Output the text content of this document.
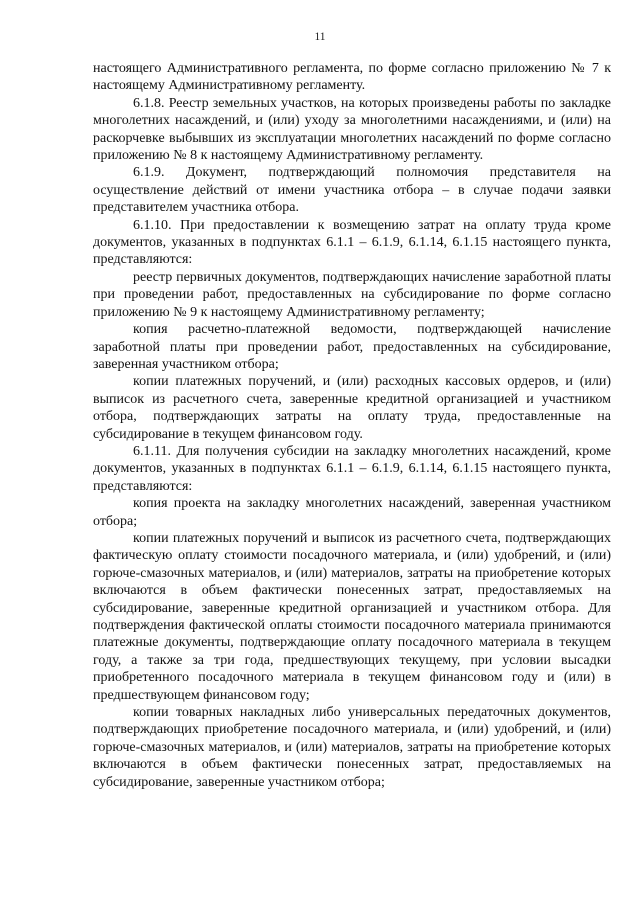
11

настоящего Административного регламента, по форме согласно приложению № 7 к настоящему Административному регламенту.

6.1.8. Реестр земельных участков, на которых произведены работы по закладке многолетних насаждений, и (или) уходу за многолетними насаждениями, и (или) на раскорчевке выбывших из эксплуатации многолетних насаждений по форме согласно приложению № 8 к настоящему Административному регламенту.

6.1.9. Документ, подтверждающий полномочия представителя на осуществление действий от имени участника отбора – в случае подачи заявки представителем участника отбора.

6.1.10. При предоставлении к возмещению затрат на оплату труда кроме документов, указанных в подпунктах 6.1.1 – 6.1.9, 6.1.14, 6.1.15 настоящего пункта, представляются:

реестр первичных документов, подтверждающих начисление заработной платы при проведении работ, предоставленных на субсидирование по форме согласно приложению № 9 к настоящему Административному регламенту;

копия расчетно-платежной ведомости, подтверждающей начисление заработной платы при проведении работ, предоставленных на субсидирование, заверенная участником отбора;

копии платежных поручений, и (или) расходных кассовых ордеров, и (или) выписок из расчетного счета, заверенные кредитной организацией и участником отбора, подтверждающих затраты на оплату труда, предоставленные на субсидирование в текущем финансовом году.

6.1.11. Для получения субсидии на закладку многолетних насаждений, кроме документов, указанных в подпунктах 6.1.1 – 6.1.9, 6.1.14, 6.1.15 настоящего пункта, представляются:

копия проекта на закладку многолетних насаждений, заверенная участником отбора;

копии платежных поручений и выписок из расчетного счета, подтверждающих фактическую оплату стоимости посадочного материала, и (или) удобрений, и (или) горюче-смазочных материалов, и (или) материалов, затраты на приобретение которых включаются в объем фактически понесенных затрат, предоставляемых на субсидирование, заверенные кредитной организацией и участником отбора. Для подтверждения фактической оплаты стоимости посадочного материала принимаются платежные документы, подтверждающие оплату посадочного материала в текущем году, а также за три года, предшествующих текущему, при условии высадки приобретенного посадочного материала в текущем финансовом году и (или) в предшествующем финансовом году;

копии товарных накладных либо универсальных передаточных документов, подтверждающих приобретение посадочного материала, и (или) удобрений, и (или) горюче-смазочных материалов, и (или) материалов, затраты на приобретение которых включаются в объем фактически понесенных затрат, предоставляемых на субсидирование, заверенные участником отбора;
